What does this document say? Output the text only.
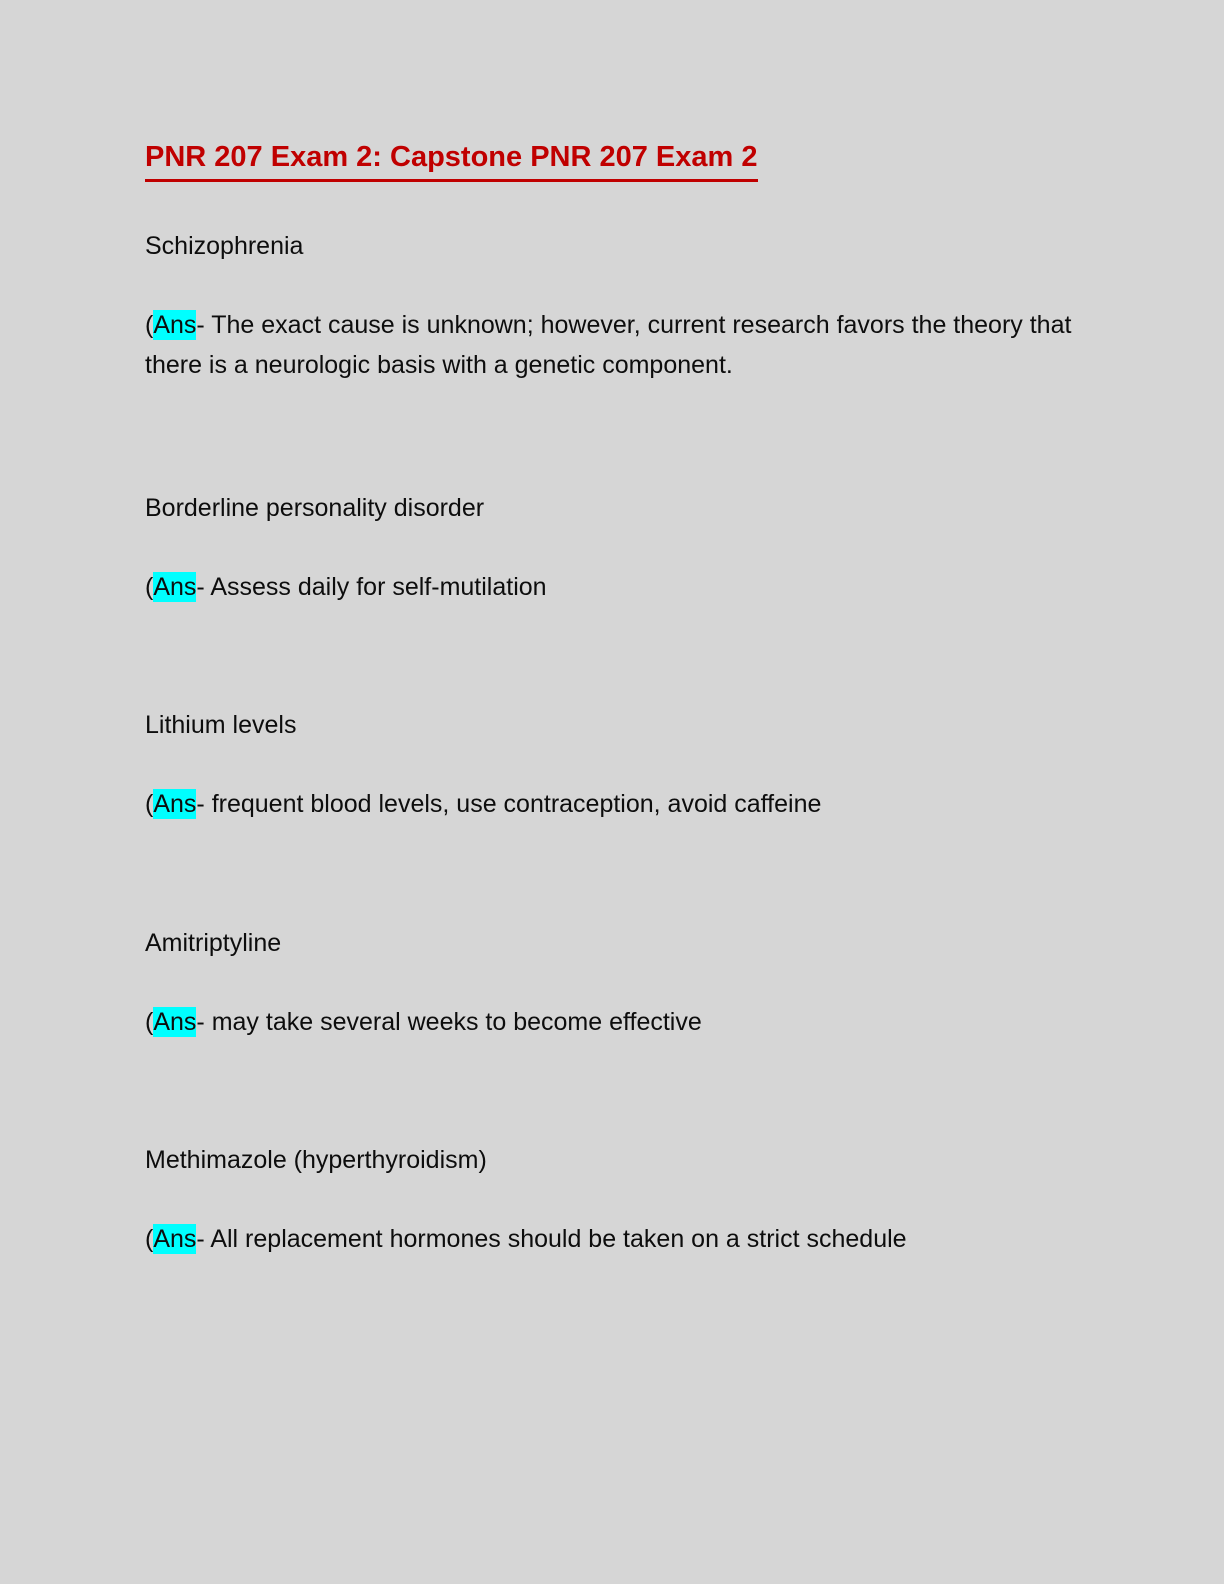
PNR 207 Exam 2: Capstone PNR 207 Exam 2

Schizophrenia

(Ans- The exact cause is unknown; however, current research favors the theory that there is a neurologic basis with a genetic component.

Borderline personality disorder

(Ans- Assess daily for self-mutilation

Lithium levels

(Ans- frequent blood levels, use contraception, avoid caffeine

Amitriptyline

(Ans- may take several weeks to become effective

Methimazole (hyperthyroidism)

(Ans- All replacement hormones should be taken on a strict schedule
